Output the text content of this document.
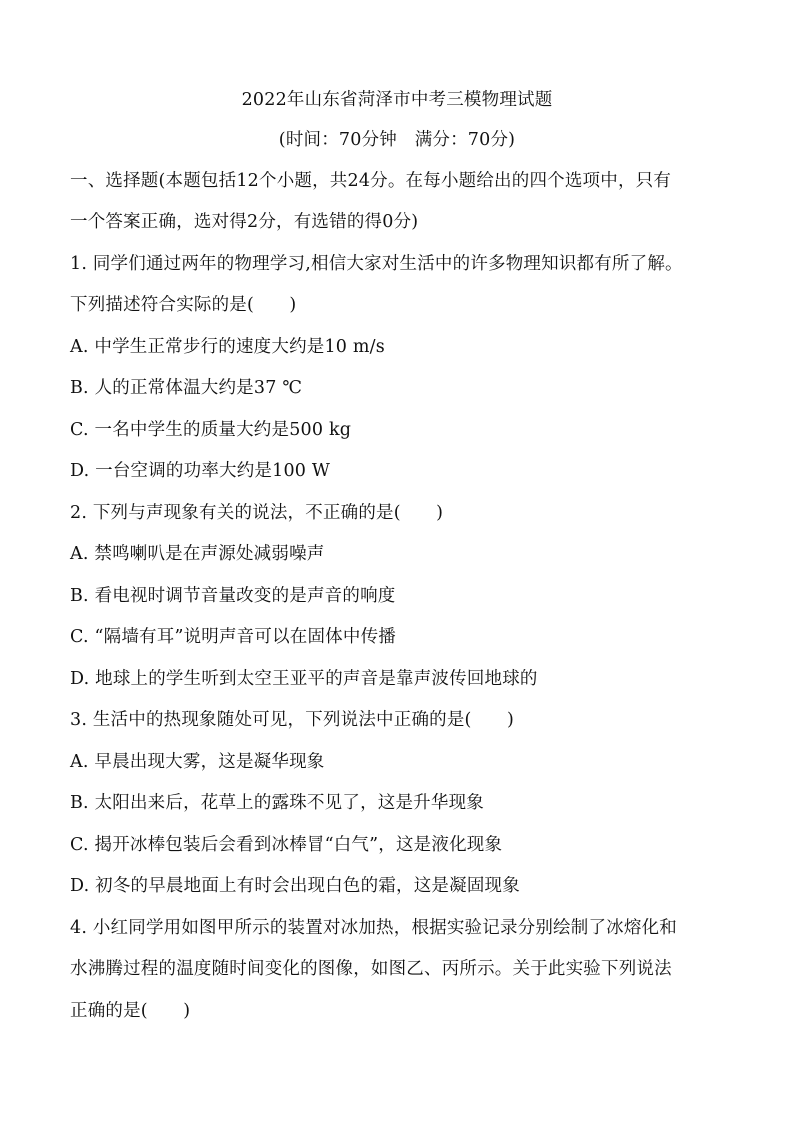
2022年山东省菏泽市中考三模物理试题
(时间：70分钟　满分：70分)
一、选择题(本题包括12个小题，共24分。在每小题给出的四个选项中，只有
一个答案正确，选对得2分，有选错的得0分)
1. 同学们通过两年的物理学习,相信大家对生活中的许多物理知识都有所了解。
下列描述符合实际的是(　　)
A. 中学生正常步行的速度大约是10 m/s
B. 人的正常体温大约是37 ℃
C. 一名中学生的质量大约是500 kg
D. 一台空调的功率大约是100 W
2. 下列与声现象有关的说法，不正确的是(　　)
A. 禁鸣喇叭是在声源处减弱噪声
B. 看电视时调节音量改变的是声音的响度
C. “隔墙有耳”说明声音可以在固体中传播
D. 地球上的学生听到太空王亚平的声音是靠声波传回地球的
3. 生活中的热现象随处可见，下列说法中正确的是(　　)
A. 早晨出现大雾，这是凝华现象
B. 太阳出来后，花草上的露珠不见了，这是升华现象
C. 揭开冰棒包装后会看到冰棒冒“白气”，这是液化现象
D. 初冬的早晨地面上有时会出现白色的霜，这是凝固现象
4. 小红同学用如图甲所示的装置对冰加热，根据实验记录分别绘制了冰熔化和
水沸腾过程的温度随时间变化的图像，如图乙、丙所示。关于此实验下列说法
正确的是(　　)
